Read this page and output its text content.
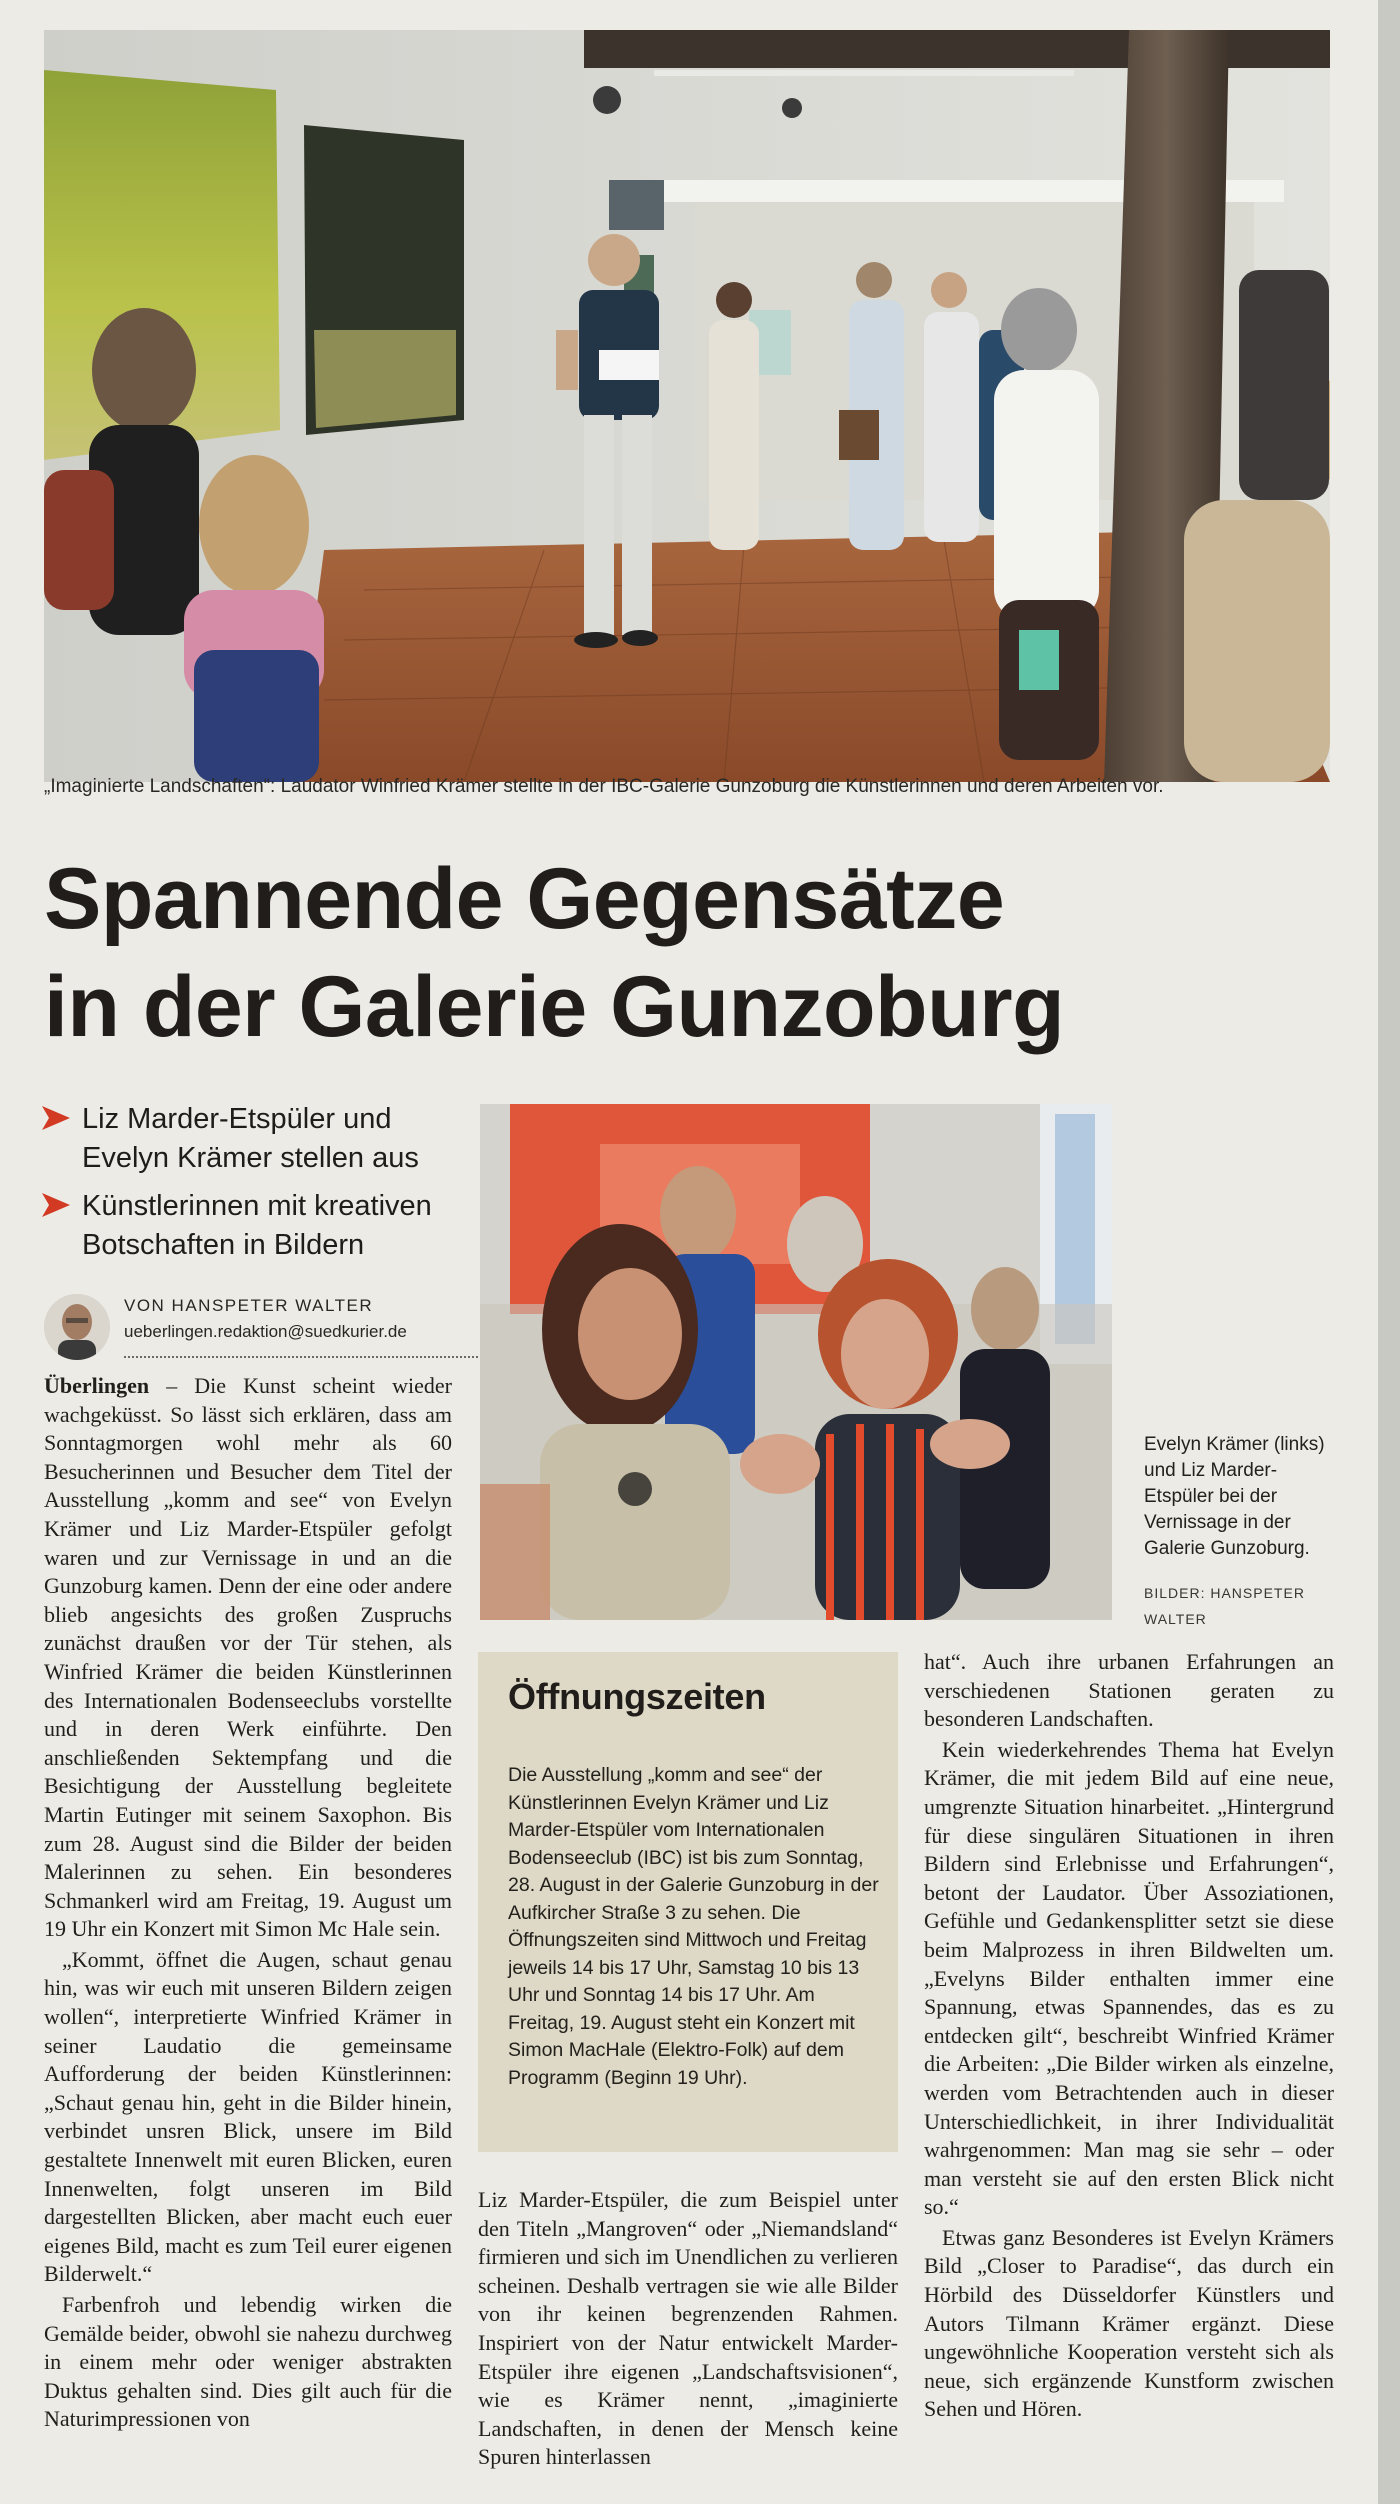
„Imaginierte Landschaften“: Laudator Winfried Krämer stellte in der IBC-Galerie Gunzoburg die Künstlerinnen und deren Arbeiten vor.
Spannende Gegensätze
in der Galerie Gunzoburg
Liz Marder-Etspüler und Evelyn Krämer stellen aus
Künstlerinnen mit kreativen Botschaften in Bildern
VON HANSPETER WALTER
ueberlingen.redaktion@suedkurier.de
Evelyn Krämer (links) und Liz Marder-Etspüler bei der Vernissage in der Galerie Gunzoburg.
BILDER: HANSPETER WALTER

Überlingen – Die Kunst scheint wieder wachgeküsst. So lässt sich erklären, dass am Sonntagmorgen wohl mehr als 60 Besucherinnen und Besucher dem Titel der Ausstellung „komm and see“ von Evelyn Krämer und Liz Marder-Etspüler gefolgt waren und zur Vernissage in und an die Gunzoburg kamen. Denn der eine oder andere blieb angesichts des großen Zuspruchs zunächst draußen vor der Tür stehen, als Winfried Krämer die beiden Künstlerinnen des Internationalen Bodenseeclubs vorstellte und in deren Werk einführte. Den anschließenden Sektempfang und die Besichtigung der Ausstellung begleitete Martin Eutinger mit seinem Saxophon. Bis zum 28. August sind die Bilder der beiden Malerinnen zu sehen. Ein besonderes Schmankerl wird am Freitag, 19. August um 19 Uhr ein Konzert mit Simon Mc Hale sein.

„Kommt, öffnet die Augen, schaut genau hin, was wir euch mit unseren Bildern zeigen wollen“, interpretierte Winfried Krämer in seiner Laudatio die gemeinsame Aufforderung der beiden Künstlerinnen: „Schaut genau hin, geht in die Bilder hinein, verbindet unsren Blick, unsere im Bild gestaltete Innenwelt mit euren Blicken, euren Innenwelten, folgt unseren im Bild dargestellten Blicken, aber macht euch euer eigenes Bild, macht es zum Teil eurer eigenen Bilderwelt.“

Farbenfroh und lebendig wirken die Gemälde beider, obwohl sie nahezu durchweg in einem mehr oder weniger abstrakten Duktus gehalten sind. Dies gilt auch für die Naturimpressionen von

Öffnungszeiten
Die Ausstellung „komm and see“ der Künstlerinnen Evelyn Krämer und Liz Marder-Etspüler vom Internationalen Bodenseeclub (IBC) ist bis zum Sonntag, 28. August in der Galerie Gunzoburg in der Aufkircher Straße 3 zu sehen. Die Öffnungszeiten sind Mittwoch und Freitag jeweils 14 bis 17 Uhr, Samstag 10 bis 13 Uhr und Sonntag 14 bis 17 Uhr. Am Freitag, 19. August steht ein Konzert mit Simon MacHale (Elektro-Folk) auf dem Programm (Beginn 19 Uhr).

Liz Marder-Etspüler, die zum Beispiel unter den Titeln „Mangroven“ oder „Niemandsland“ firmieren und sich im Unendlichen zu verlieren scheinen. Deshalb vertragen sie wie alle Bilder von ihr keinen begrenzenden Rahmen. Inspiriert von der Natur entwickelt Marder-Etspüler ihre eigenen „Landschaftsvisionen“, wie es Krämer nennt, „imaginierte Landschaften, in denen der Mensch keine Spuren hinterlassen

hat“. Auch ihre urbanen Erfahrungen an verschiedenen Stationen geraten zu besonderen Landschaften.

Kein wiederkehrendes Thema hat Evelyn Krämer, die mit jedem Bild auf eine neue, umgrenzte Situation hinarbeitet. „Hintergrund für diese singulären Situationen in ihren Bildern sind Erlebnisse und Erfahrungen“, betont der Laudator. Über Assoziationen, Gefühle und Gedankensplitter setzt sie diese beim Malprozess in ihren Bildwelten um. „Evelyns Bilder enthalten immer eine Spannung, etwas Spannendes, das es zu entdecken gilt“, beschreibt Winfried Krämer die Arbeiten: „Die Bilder wirken als einzelne, werden vom Betrachtenden auch in dieser Unterschiedlichkeit, in ihrer Individualität wahrgenommen: Man mag sie sehr – oder man versteht sie auf den ersten Blick nicht so.“

Etwas ganz Besonderes ist Evelyn Krämers Bild „Closer to Paradise“, das durch ein Hörbild des Düsseldorfer Künstlers und Autors Tilmann Krämer ergänzt. Diese ungewöhnliche Kooperation versteht sich als neue, sich ergänzende Kunstform zwischen Sehen und Hören.
